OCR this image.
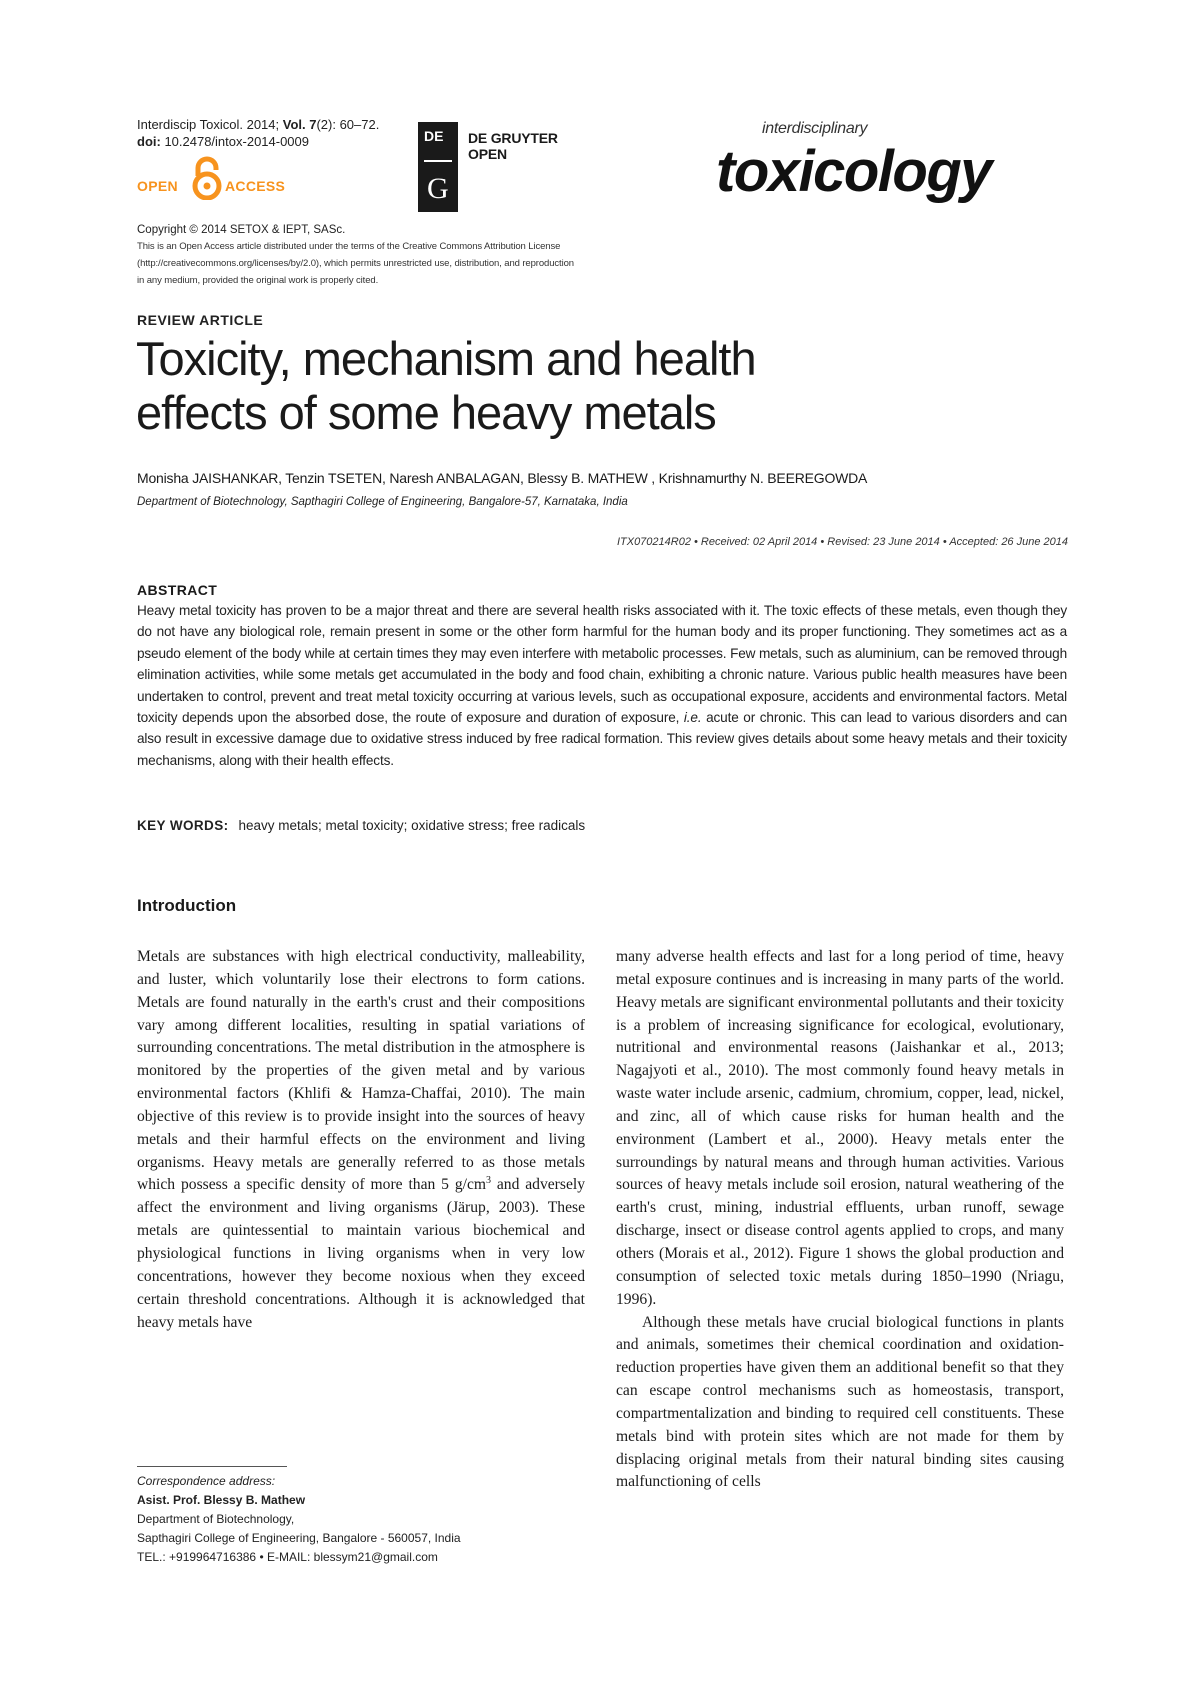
Interdiscip Toxicol. 2014; Vol. 7(2): 60–72.
doi: 10.2478/intox-2014-0009
OPEN	ACCESS
DE
G
DE GRUYTER
OPEN
interdisciplinary
toxicology
Copyright © 2014 SETOX & IEPT, SASc.
This is an Open Access article distributed under the terms of the Creative Commons Attribution License (http://creativecommons.org/licenses/by/2.0), which permits unrestricted use, distribution, and reproduction in any medium, provided the original work is properly cited.
REVIEW ARTICLE
Toxicity, mechanism and health
effects of some heavy metals
Monisha JAISHANKAR, Tenzin TSETEN, Naresh ANBALAGAN, Blessy B. MATHEW , Krishnamurthy N. BEEREGOWDA
Department of Biotechnology, Sapthagiri College of Engineering, Bangalore-57, Karnataka, India
ITX070214R02 • Received: 02 April 2014 • Revised: 23 June 2014 • Accepted: 26 June 2014
ABSTRACT
Heavy metal toxicity has proven to be a major threat and there are several health risks associated with it. The toxic effects of these metals, even though they do not have any biological role, remain present in some or the other form harmful for the human body and its proper functioning. They sometimes act as a pseudo element of the body while at certain times they may even interfere with metabolic processes. Few metals, such as aluminium, can be removed through elimination activities, while some metals get accumulated in the body and food chain, exhibiting a chronic nature. Various public health measures have been undertaken to control, prevent and treat metal toxicity occurring at various levels, such as occupational exposure, accidents and environmental factors. Metal toxicity depends upon the absorbed dose, the route of exposure and duration of exposure, i.e. acute or chronic. This can lead to various disorders and can also result in excessive damage due to oxidative stress induced by free radical formation. This review gives details about some heavy metals and their toxicity mechanisms, along with their health effects.
KEY WORDS: heavy metals; metal toxicity; oxidative stress; free radicals
Introduction

Metals are substances with high electrical conductivity, malleability, and luster, which voluntarily lose their electrons to form cations. Metals are found naturally in the earth's crust and their compositions vary among different localities, resulting in spatial variations of surrounding concentrations. The metal distribution in the atmosphere is monitored by the properties of the given metal and by various environmental factors (Khlifi & Hamza-Chaffai, 2010). The main objective of this review is to provide insight into the sources of heavy metals and their harmful effects on the environment and living organisms. Heavy metals are generally referred to as those metals which possess a specific density of more than 5 $g/cm^3$ and adversely affect the environment and living organisms (Järup, 2003). These metals are quintessential to maintain various biochemical and physiological functions in living organisms when in very low concentrations, however they become noxious when they exceed certain threshold concentrations. Although it is acknowledged that heavy metals have

many adverse health effects and last for a long period of time, heavy metal exposure continues and is increasing in many parts of the world. Heavy metals are significant environmental pollutants and their toxicity is a problem of increasing significance for ecological, evolutionary, nutritional and environmental reasons (Jaishankar et al., 2013; Nagajyoti et al., 2010). The most commonly found heavy metals in waste water include arsenic, cadmium, chromium, copper, lead, nickel, and zinc, all of which cause risks for human health and the environment (Lambert et al., 2000). Heavy metals enter the surroundings by natural means and through human activities. Various sources of heavy metals include soil erosion, natural weathering of the earth's crust, mining, industrial effluents, urban runoff, sewage discharge, insect or disease control agents applied to crops, and many others (Morais et al., 2012). Figure 1 shows the global production and consumption of selected toxic metals during 1850–1990 (Nriagu, 1996).

Although these metals have crucial biological functions in plants and animals, sometimes their chemical coordination and oxidation-reduction properties have given them an additional benefit so that they can escape control mechanisms such as homeostasis, transport, compartmentalization and binding to required cell constituents. These metals bind with protein sites which are not made for them by displacing original metals from their natural binding sites causing malfunctioning of cells

Correspondence address:
Asist. Prof. Blessy B. Mathew
Department of Biotechnology,
Sapthagiri College of Engineering, Bangalore - 560057, India
TEL.: +919964716386 • E-MAIL: blessym21@gmail.com
